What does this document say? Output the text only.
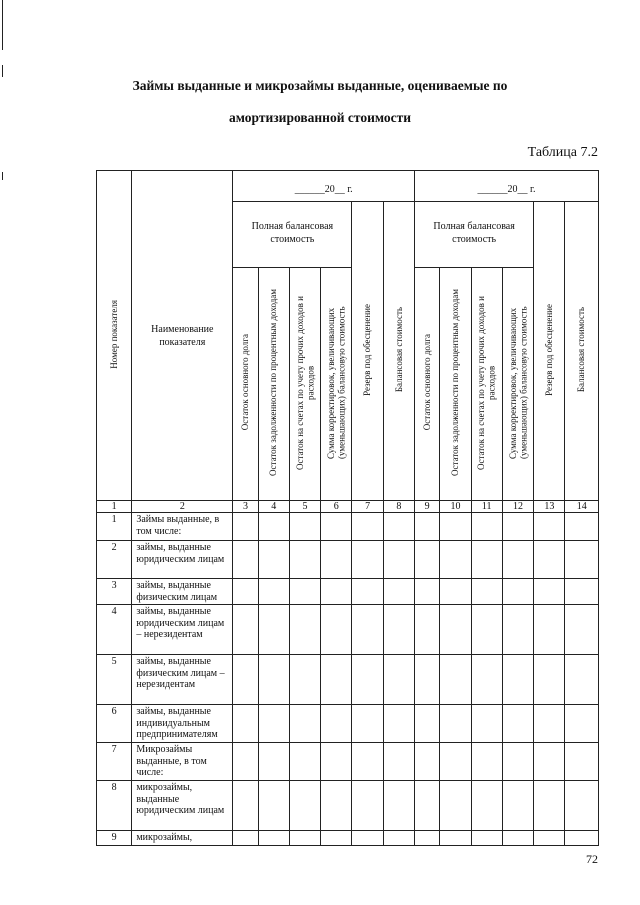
Займы выданные и микрозаймы выданные, оцениваемые по
амортизированной стоимости
Таблица 7.2
Номер показателя	Наименование показателя	______20__ г.						______20__ г.					
		Полная балансовая стоимость				Резерв под обесценение	Балансовая стоимость	Полная балансовая стоимость				Резерв под обесценение	Балансовая стоимость
		Остаток основного долга	Остаток задолженности по процентным доходам	Остаток на счетах по учету прочих доходов и расходов	Сумма корректировок, увеличивающих (уменьшающих) балансовую стоимость			Остаток основного долга	Остаток задолженности по процентным доходам	Остаток на счетах по учету прочих доходов и расходов	Сумма корректировок, увеличивающих (уменьшающих) балансовую стоимость		
1	2	3	4	5	6	7	8	9	10	11	12	13	14
1	Займы выданные, в том числе:												
2	займы, выданные юридическим лицам												
3	займы, выданные физическим лицам												
4	займы, выданные юридическим лицам – нерезидентам												
5	займы, выданные физическим лицам – нерезидентам												
6	займы, выданные индивидуальным предпринимателям												
7	Микрозаймы выданные, в том числе:												
8	микрозаймы, выданные юридическим лицам												
9	микрозаймы,												
72
